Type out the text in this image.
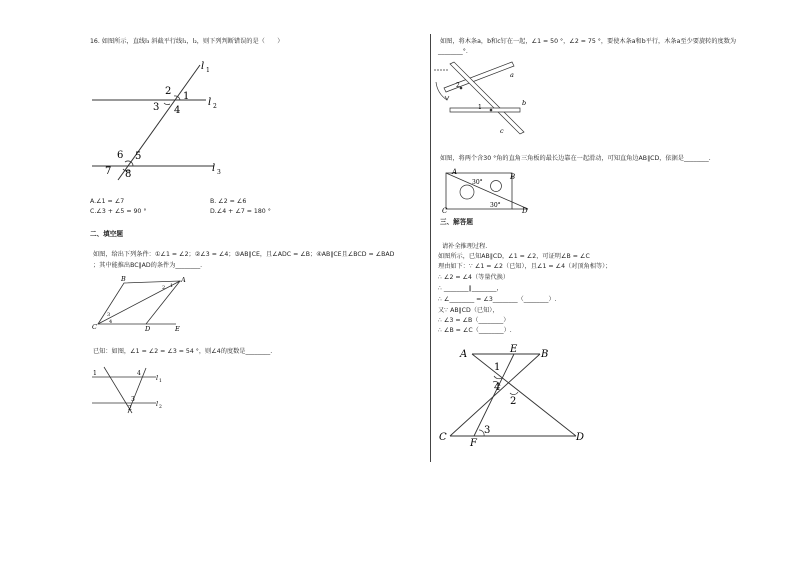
16. 如图所示，直线l₃ 斜截平行线l₁，l₂，则下列判断错误的是（　　）
l 1
l 2
l 3
2 1
3 4
6 5
7 8
A.∠1 = ∠7	B. ∠2 = ∠6
C.∠3 + ∠5 = 90 °	D.∠4 + ∠7 = 180 °
二、填空题
如图，给出下列条件：①∠1 = ∠2；②∠3 = ∠4；③AB∥CE，且∠ADC = ∠B；④AB∥CE且∠BCD = ∠BAD
；其中能推出BC∥AD的条件为________.
B	A
C	D	E
1
2
3
4
已知：如图，∠1 = ∠2 = ∠3 = 54 °，则∠4的度数是________.
1	4
3
2
l 1
l 2
如图，将木条a，b和c钉在一起，∠1 = 50 °，∠2 = 75 °，要使木条a和b平行，木条a至少要旋转的度数为
________°.
2
1
a
b
c
如图，将两个含30 °角的直角三角板的最长边靠在一起滑动，可知直角边AB∥CD，依据是________.
A
B
C	D
30°
30°
三、解答题
请补全推理过程.
如图所示，已知AB∥CD，∠1 = ∠2，可证明∠B = ∠C
理由如下：∵ ∠1 = ∠2（已知），且∠1 = ∠4（对顶角相等）；
∴ ∠2 = ∠4（等量代换）
∴ ________∥________，
∴ ∠________ = ∠3________（________）.
又∵ AB∥CD（已知），
∴ ∠3 = ∠B（________）
∴ ∠B = ∠C（________）.
A	E B
C
F
D
1
4
2
3
